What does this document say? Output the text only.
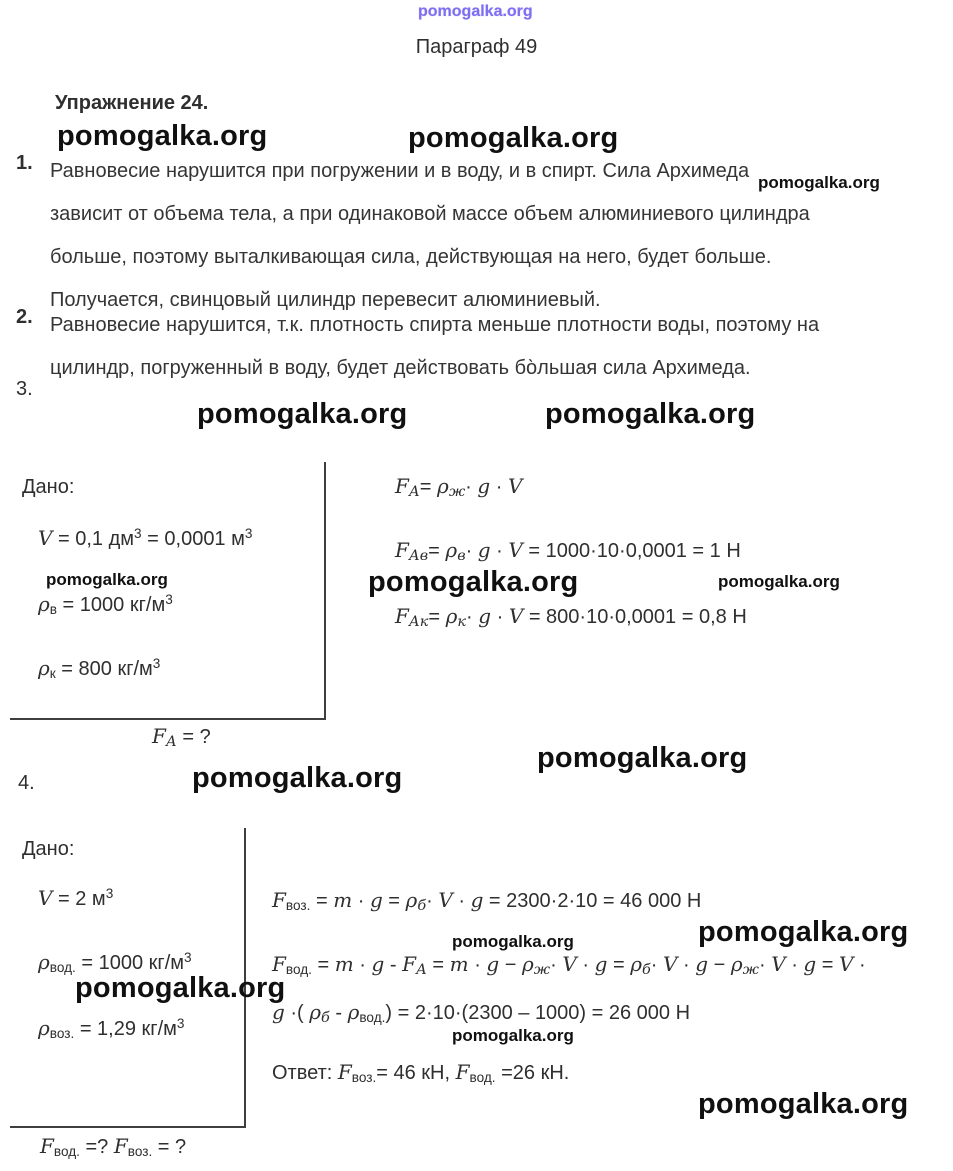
pomogalka.org
Параграф 49
Упражнение 24.
pomogalka.org	pomogalka.org
pomogalka.org
1. Равновесие нарушится при погружении и в воду, и в спирт. Сила Архимеда
зависит от объема тела, а при одинаковой массе объем алюминиевого цилиндра
больше, поэтому выталкивающая сила, действующая на него, будет больше.
Получается, свинцовый цилиндр перевесит алюминиевый.
2. Равновесие нарушится, т.к. плотность спирта меньше плотности воды, поэтому на
цилиндр, погруженный в воду, будет действовать бо̀льшая сила Архимеда.
3.
pomogalka.org	pomogalka.org
Дано:
V = 0,1 $дм^3 = 0,0001$ $м^3$
pomogalka.org
ρв = 1000 $кг/м^3$
ρк = 800 $кг/м^3$
FА = ?
FА= ρж· g · V
FАв= ρв· g · V = 1000·10·0,0001 = 1 Н
pomogalka.org	pomogalka.org
FАк= ρк· g · V = 800·10·0,0001 = 0,8 Н
pomogalka.org
pomogalka.org
4.
Дано:
V = 2 $м^3$
ρвод. = 1000 $кг/м^3$
ρвоз. = 1,29 $кг/м^3$
pomogalka.org
Fвод. =? Fвоз. = ?
Fвоз. = m · g = ρб· V · g = 2300·2·10 = 46 000 Н
pomogalka.org	pomogalka.org
Fвод. = m · g - FА = m · g − ρж· V · g = ρб· V · g − ρж· V · g = V ·
g ·( ρб - ρвод.) = 2·10·(2300 – 1000) = 26 000 Н
pomogalka.org
Ответ: Fвоз.= 46 кН, Fвод. =26 кН.
pomogalka.org
